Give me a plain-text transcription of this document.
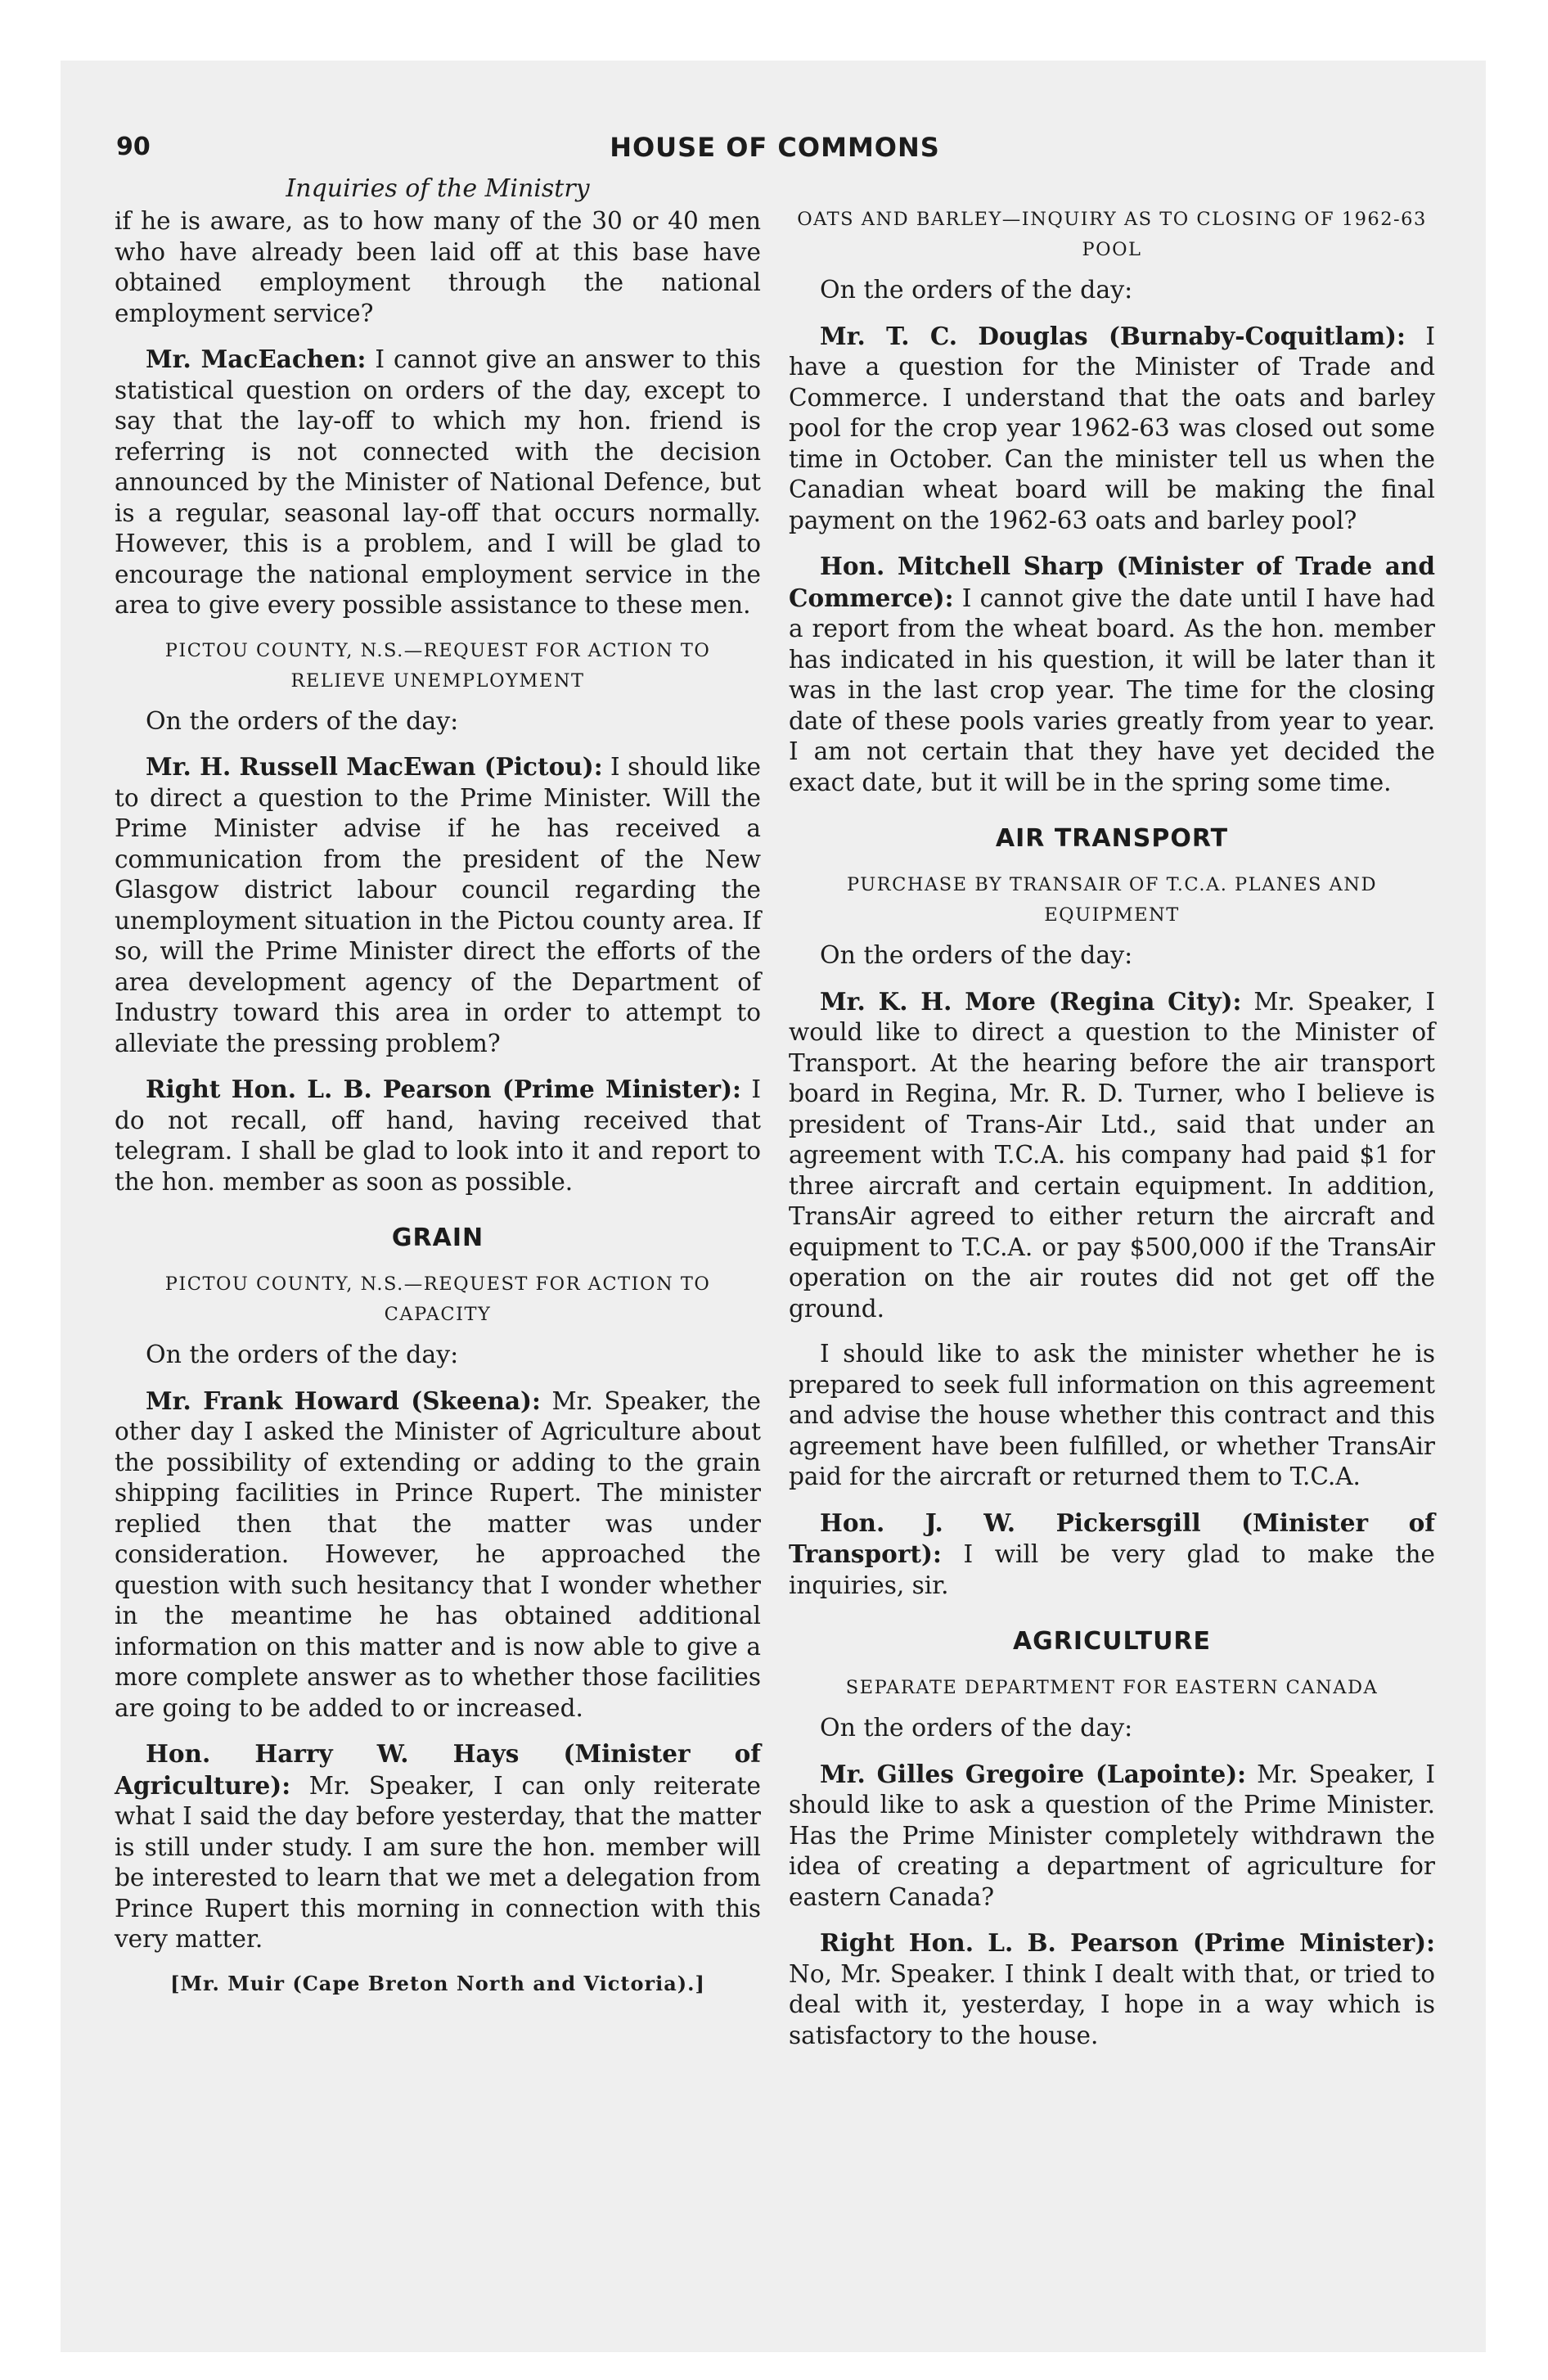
90	HOUSE OF COMMONS
Inquiries of the Ministry

if he is aware, as to how many of the 30 or 40 men who have already been laid off at this base have obtained employment through the national employment service?

Mr. MacEachen: I cannot give an answer to this statistical question on orders of the day, except to say that the lay-off to which my hon. friend is referring is not connected with the decision announced by the Minister of National Defence, but is a regular, seasonal lay-off that occurs normally. However, this is a problem, and I will be glad to encourage the national employment service in the area to give every possible assistance to these men.

PICTOU COUNTY, N.S.—REQUEST FOR ACTION TO RELIEVE UNEMPLOYMENT
On the orders of the day:

Mr. H. Russell MacEwan (Pictou): I should like to direct a question to the Prime Minister. Will the Prime Minister advise if he has received a communication from the president of the New Glasgow district labour council regarding the unemployment situation in the Pictou county area. If so, will the Prime Minister direct the efforts of the area development agency of the Department of Industry toward this area in order to attempt to alleviate the pressing problem?

Right Hon. L. B. Pearson (Prime Minister): I do not recall, off hand, having received that telegram. I shall be glad to look into it and report to the hon. member as soon as possible.

GRAIN
PICTOU COUNTY, N.S.—REQUEST FOR ACTION TO CAPACITY
On the orders of the day:

Mr. Frank Howard (Skeena): Mr. Speaker, the other day I asked the Minister of Agriculture about the possibility of extending or adding to the grain shipping facilities in Prince Rupert. The minister replied then that the matter was under consideration. However, he approached the question with such hesitancy that I wonder whether in the meantime he has obtained additional information on this matter and is now able to give a more complete answer as to whether those facilities are going to be added to or increased.

Hon. Harry W. Hays (Minister of Agriculture): Mr. Speaker, I can only reiterate what I said the day before yesterday, that the matter is still under study. I am sure the hon. member will be interested to learn that we met a delegation from Prince Rupert this morning in connection with this very matter.

[Mr. Muir (Cape Breton North and Victoria).]
OATS AND BARLEY—INQUIRY AS TO CLOSING OF 1962-63 POOL
On the orders of the day:

Mr. T. C. Douglas (Burnaby-Coquitlam): I have a question for the Minister of Trade and Commerce. I understand that the oats and barley pool for the crop year 1962-63 was closed out some time in October. Can the minister tell us when the Canadian wheat board will be making the final payment on the 1962-63 oats and barley pool?

Hon. Mitchell Sharp (Minister of Trade and Commerce): I cannot give the date until I have had a report from the wheat board. As the hon. member has indicated in his question, it will be later than it was in the last crop year. The time for the closing date of these pools varies greatly from year to year. I am not certain that they have yet decided the exact date, but it will be in the spring some time.

AIR TRANSPORT
PURCHASE BY TRANSAIR OF T.C.A. PLANES AND EQUIPMENT
On the orders of the day:

Mr. K. H. More (Regina City): Mr. Speaker, I would like to direct a question to the Minister of Transport. At the hearing before the air transport board in Regina, Mr. R. D. Turner, who I believe is president of Trans-Air Ltd., said that under an agreement with T.C.A. his company had paid $1 for three aircraft and certain equipment. In addition, TransAir agreed to either return the aircraft and equipment to T.C.A. or pay $500,000 if the TransAir operation on the air routes did not get off the ground.

I should like to ask the minister whether he is prepared to seek full information on this agreement and advise the house whether this contract and this agreement have been fulfilled, or whether TransAir paid for the aircraft or returned them to T.C.A.

Hon. J. W. Pickersgill (Minister of Transport): I will be very glad to make the inquiries, sir.

AGRICULTURE
SEPARATE DEPARTMENT FOR EASTERN CANADA
On the orders of the day:

Mr. Gilles Gregoire (Lapointe): Mr. Speaker, I should like to ask a question of the Prime Minister. Has the Prime Minister completely withdrawn the idea of creating a department of agriculture for eastern Canada?

Right Hon. L. B. Pearson (Prime Minister): No, Mr. Speaker. I think I dealt with that, or tried to deal with it, yesterday, I hope in a way which is satisfactory to the house.
